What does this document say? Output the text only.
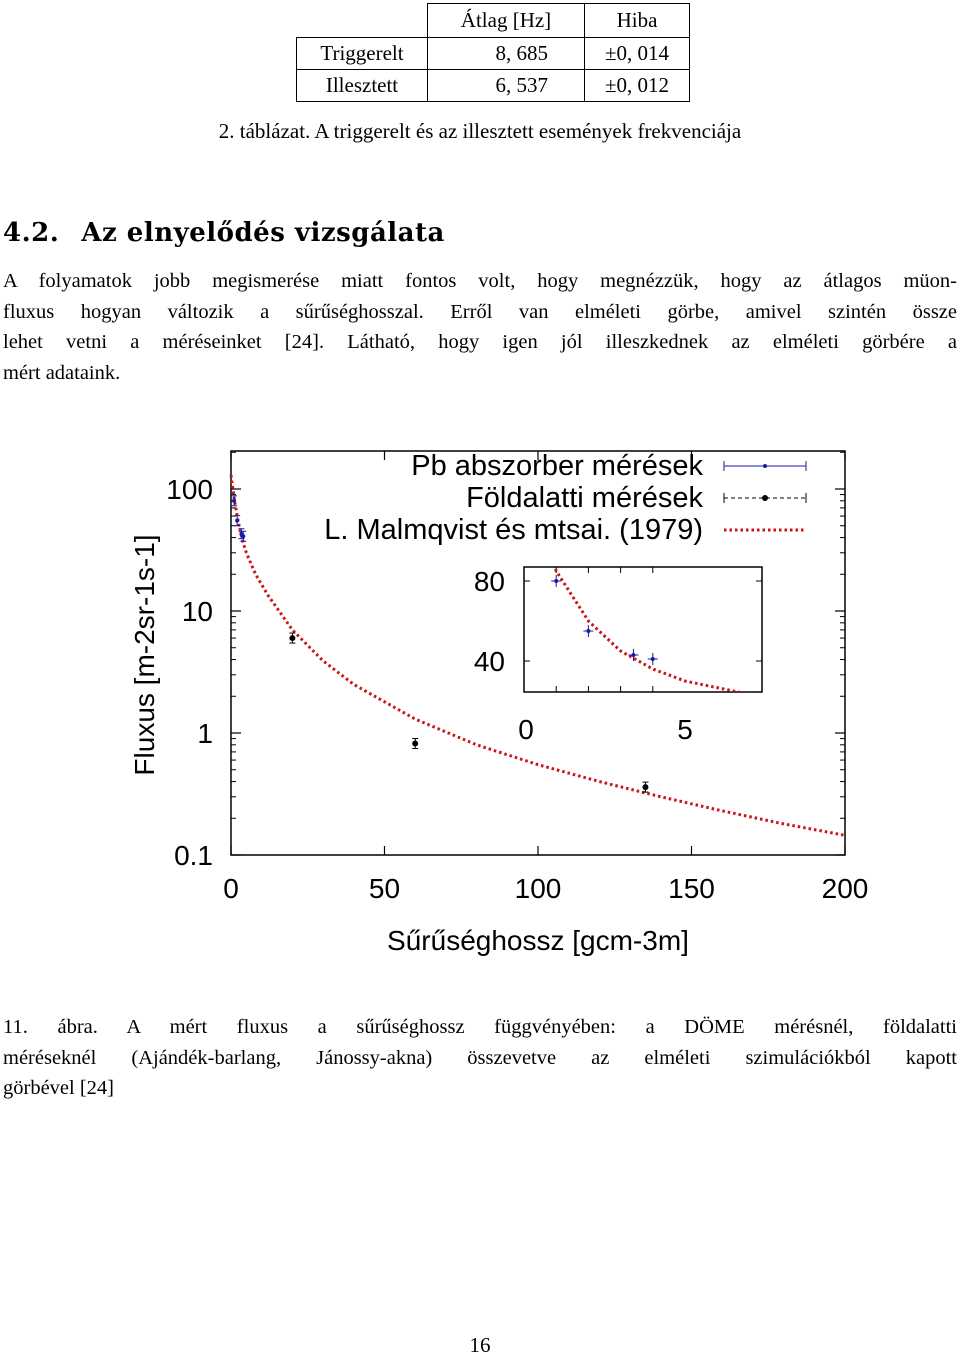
	Átlag [Hz]	Hiba
Triggerelt	8, 685	±0, 014
Illesztett	6, 537	±0, 012
2. táblázat. A triggerelt és az illesztett események frekvenciája
4.2. Az elnyelődés vizsgálata
A folyamatok jobb megismerése miatt fontos volt, hogy megnézzük, hogy az átlagos müon-
fluxus hogyan változik a sűrűséghosszal. Erről van elméleti görbe, amivel szintén össze
lehet vetni a méréseinket [24]. Látható, hogy igen jól illeszkednek az elméleti görbére a
mért adataink.
0	50	100	150	200
0.1
1
10
100
Sűrűséghossz [gcm-3m]
Fluxus [m-2sr-1s-1]
Pb abszorber mérések
Földalatti mérések
L. Malmqvist és mtsai. (1979)
0	5
40
80
11. ábra. A mért fluxus a sűrűséghossz függvényében: a DÖME mérésnél, földalatti
méréseknél (Ajándék-barlang, Jánossy-akna) összevetve az elméleti szimulációkból kapott
görbével [24]
16
